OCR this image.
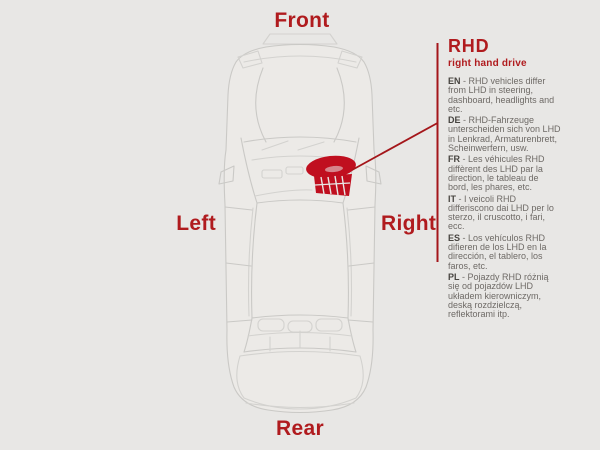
Front
Left	Right
Rear
RHD
right hand drive

EN - RHD vehicles differ from LHD in steering, dashboard, headlights and etc.

DE - RHD-Fahrzeuge unterscheiden sich von LHD in Lenkrad, Armaturenbrett, Scheinwerfern, usw.

FR - Les véhicules RHD diffèrent des LHD par la direction, le tableau de bord, les phares, etc.

IT - I veicoli RHD differiscono dai LHD per lo sterzo, il cruscotto, i fari, ecc.

ES - Los vehículos RHD difieren de los LHD en la dirección, el tablero, los faros, etc.

PL - Pojazdy RHD różnią się od pojazdów LHD układem kierowniczym, deską rozdzielczą, reflektorami itp.
